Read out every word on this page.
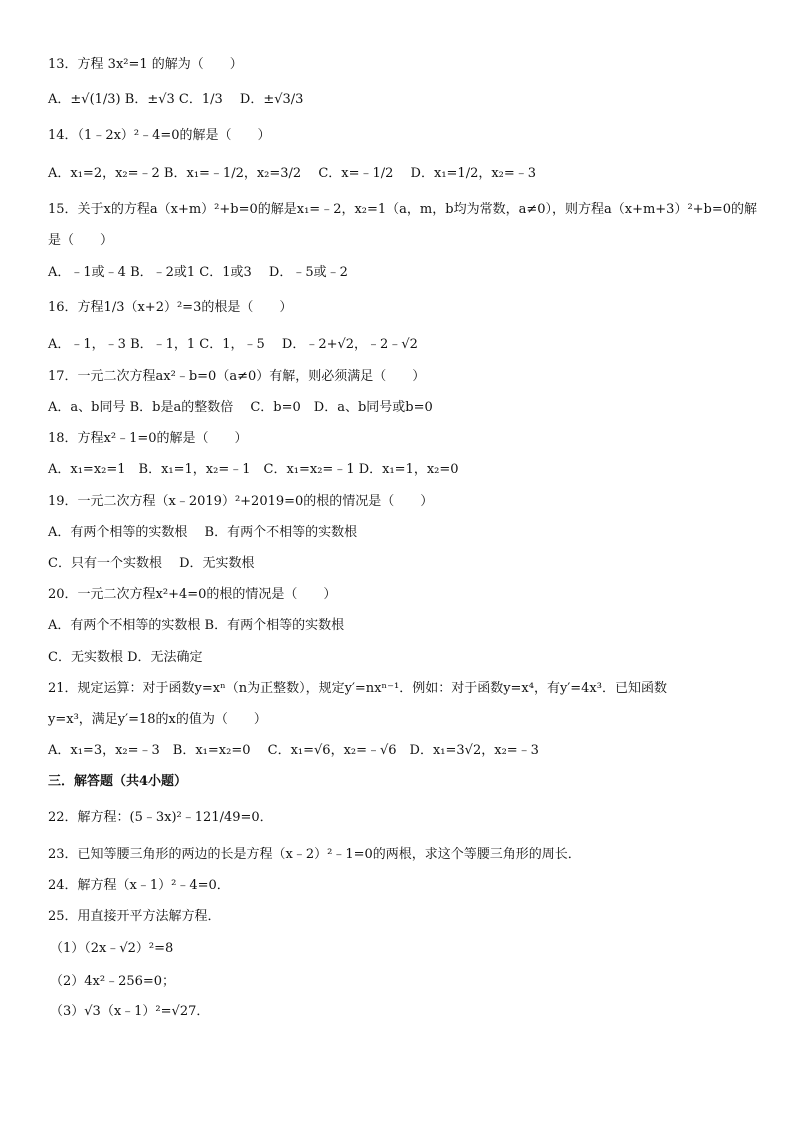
13．方程 3x²=1 的解为（　　）
A．±√(1/3) B．±√3 C．1/3　 D．±√3/3
14．（1﹣2x）²﹣4=0的解是（　　）
A．x₁=2，x₂=﹣2 B．x₁=﹣1/2，x₂=3/2　 C．x=﹣1/2　 D．x₁=1/2，x₂=﹣3
15．关于x的方程a（x+m）²+b=0的解是x₁=﹣2，x₂=1（a，m，b均为常数，a≠0），则方程a（x+m+3）²+b=0的解
是（　　）
A．﹣1或﹣4 B．﹣2或1 C．1或3　 D．﹣5或﹣2
16．方程1/3（x+2）²=3的根是（　　）
A．﹣1，﹣3 B．﹣1，1 C．1，﹣5　 D．﹣2+√2，﹣2﹣√2
17．一元二次方程ax²﹣b=0（a≠0）有解，则必须满足（　　）
A．a、b同号 B．b是a的整数倍　 C．b=0　D．a、b同号或b=0
18．方程x²﹣1=0的解是（　　）
A．x₁=x₂=1　B．x₁=1，x₂=﹣1　C．x₁=x₂=﹣1 D．x₁=1，x₂=0
19．一元二次方程（x﹣2019）²+2019=0的根的情况是（　　）
A．有两个相等的实数根　 B．有两个不相等的实数根
C．只有一个实数根　 D．无实数根
20．一元二次方程x²+4=0的根的情况是（　　）
A．有两个不相等的实数根 B．有两个相等的实数根
C．无实数根 D．无法确定
21．规定运算：对于函数y=xⁿ（n为正整数），规定y′=nxⁿ⁻¹．例如：对于函数y=x⁴，有y′=4x³．已知函数
y=x³，满足y′=18的x的值为（　　）
A．x₁=3，x₂=﹣3　B．x₁=x₂=0　 C．x₁=√6，x₂=﹣√6　D．x₁=3√2，x₂=﹣3
三．解答题（共4小题）
22．解方程：(5﹣3x)²﹣121/49=0．
23．已知等腰三角形的两边的长是方程（x﹣2）²﹣1=0的两根，求这个等腰三角形的周长．
24．解方程（x﹣1）²﹣4=0．
25．用直接开平方法解方程．
（1）（2x﹣√2）²=8
（2）4x²﹣256=0；
（3）√3（x﹣1）²=√27．
